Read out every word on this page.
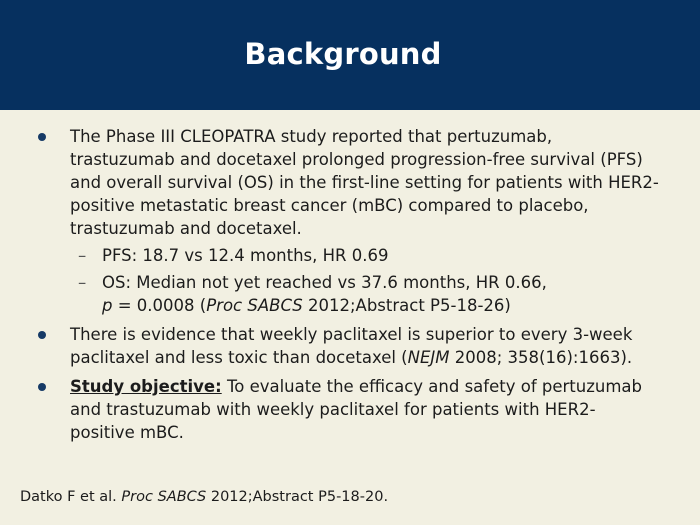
Background
The Phase III CLEOPATRA study reported that pertuzumab, trastuzumab and docetaxel prolonged progression-free survival (PFS) and overall survival (OS) in the first-line setting for patients with HER2-positive metastatic breast cancer (mBC) compared to placebo, trastuzumab and docetaxel.
– PFS: 18.7 vs 12.4 months, HR 0.69
– OS: Median not yet reached vs 37.6 months, HR 0.66,
p = 0.0008 (Proc SABCS 2012;Abstract P5-18-26)
There is evidence that weekly paclitaxel is superior to every 3-week paclitaxel and less toxic than docetaxel (NEJM 2008; 358(16):1663).
Study objective: To evaluate the efficacy and safety of pertuzumab and trastuzumab with weekly paclitaxel for patients with HER2-positive mBC.
Datko F et al. Proc SABCS 2012;Abstract P5-18-20.
